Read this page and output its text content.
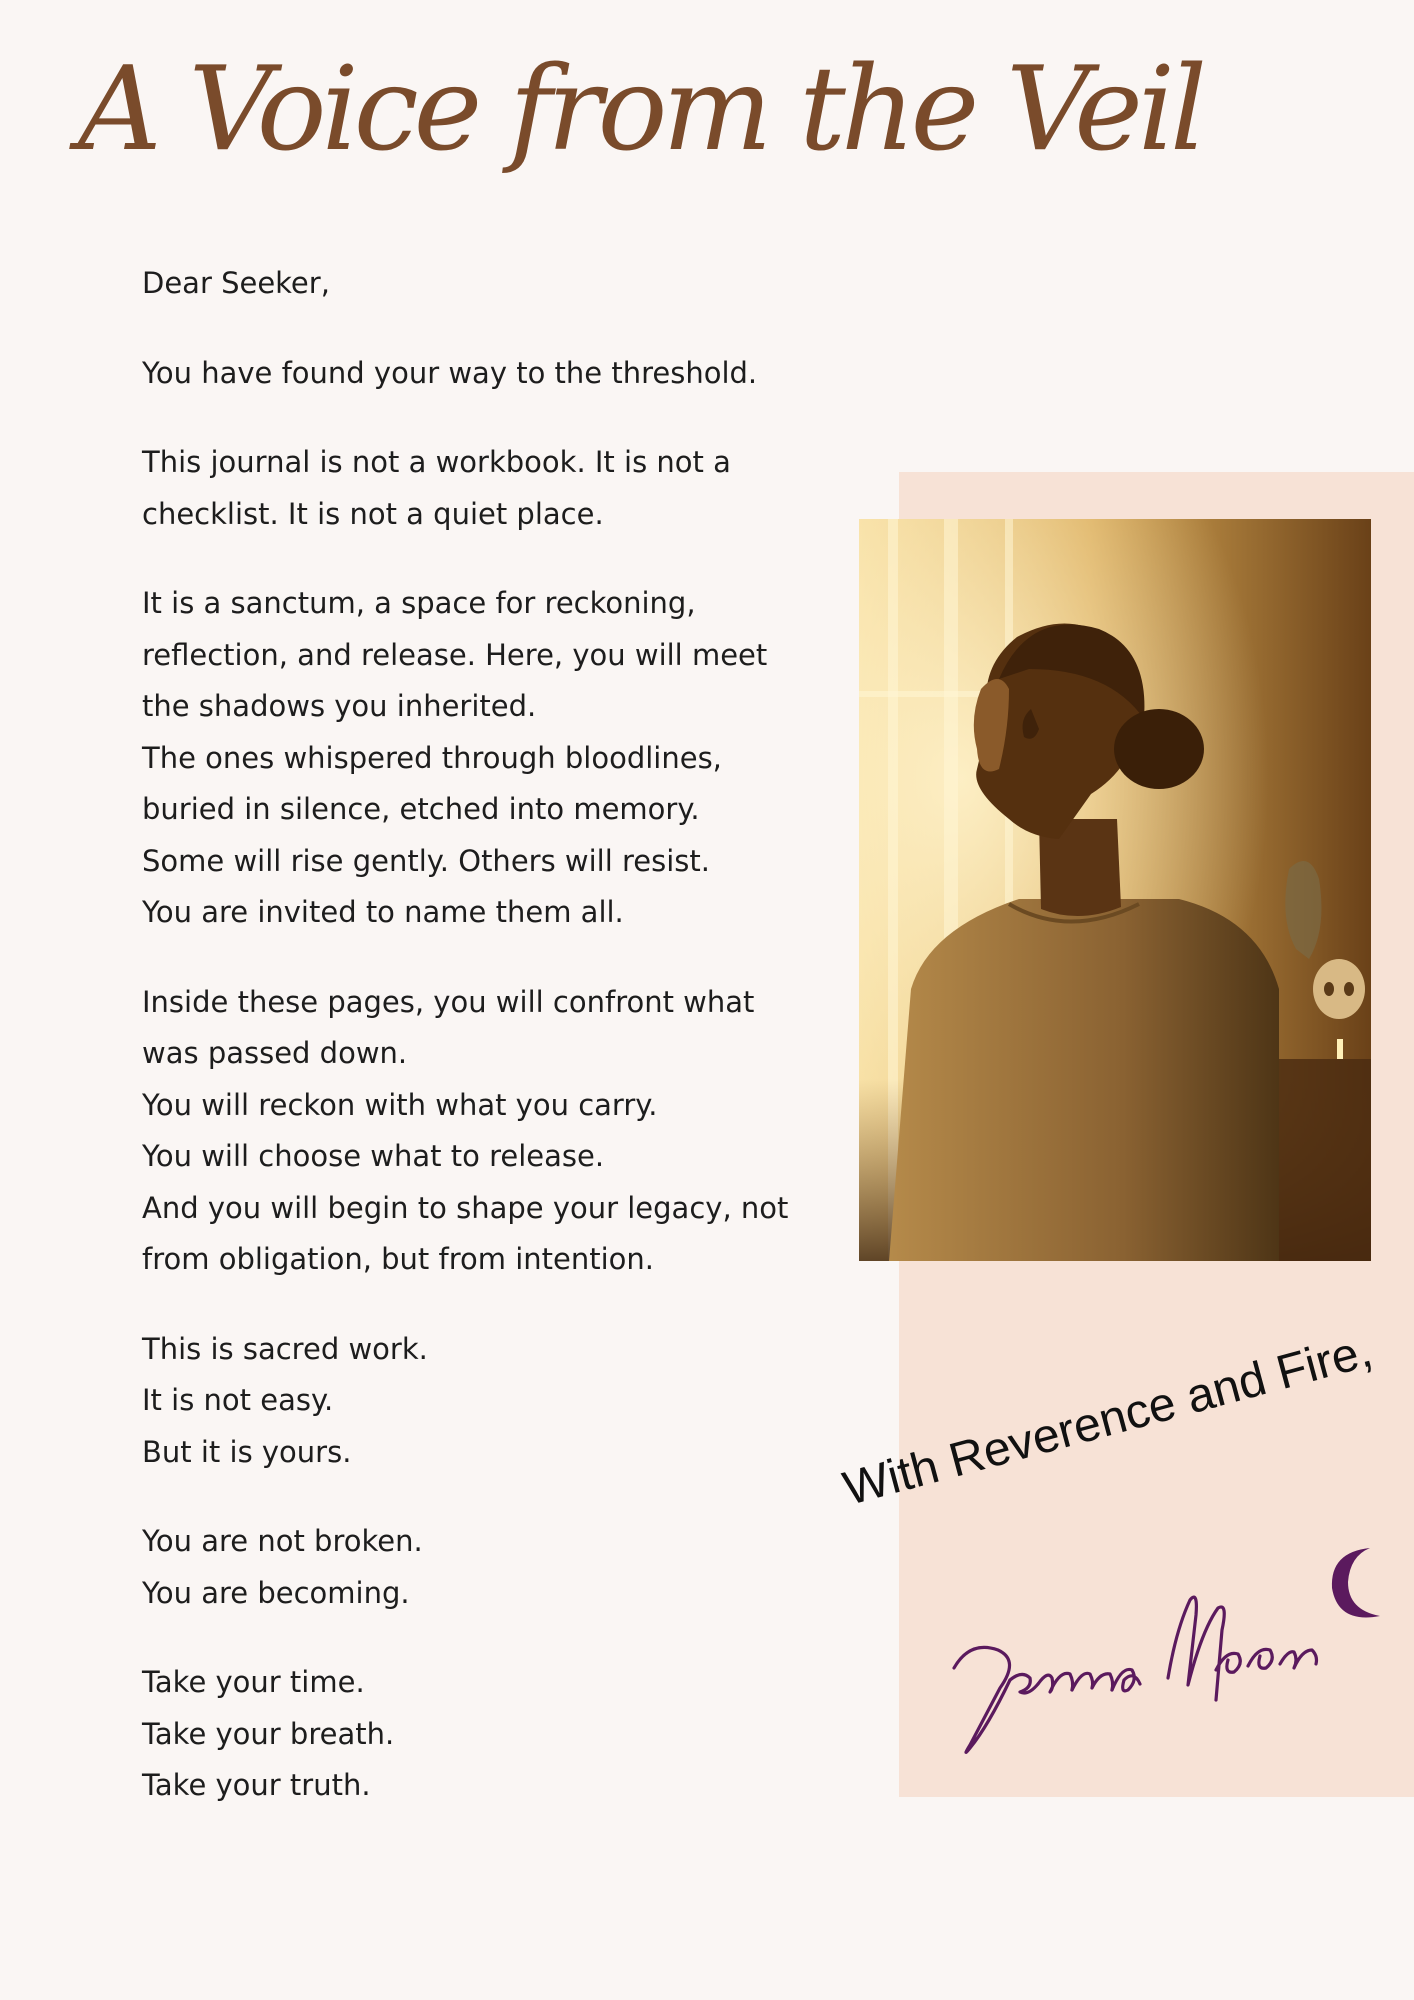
A Voice from the Veil

Dear Seeker,

You have found your way to the threshold.

This journal is not a workbook. It is not a
checklist. It is not a quiet place.

It is a sanctum, a space for reckoning,
reflection, and release. Here, you will meet
the shadows you inherited.
The ones whispered through bloodlines,
buried in silence, etched into memory.
Some will rise gently. Others will resist.
You are invited to name them all.

Inside these pages, you will confront what
was passed down.
You will reckon with what you carry.
You will choose what to release.
And you will begin to shape your legacy, not
from obligation, but from intention.

This is sacred work.
It is not easy.
But it is yours.

You are not broken.
You are becoming.

Take your time.
Take your breath.
Take your truth.

With Reverence and Fire,
